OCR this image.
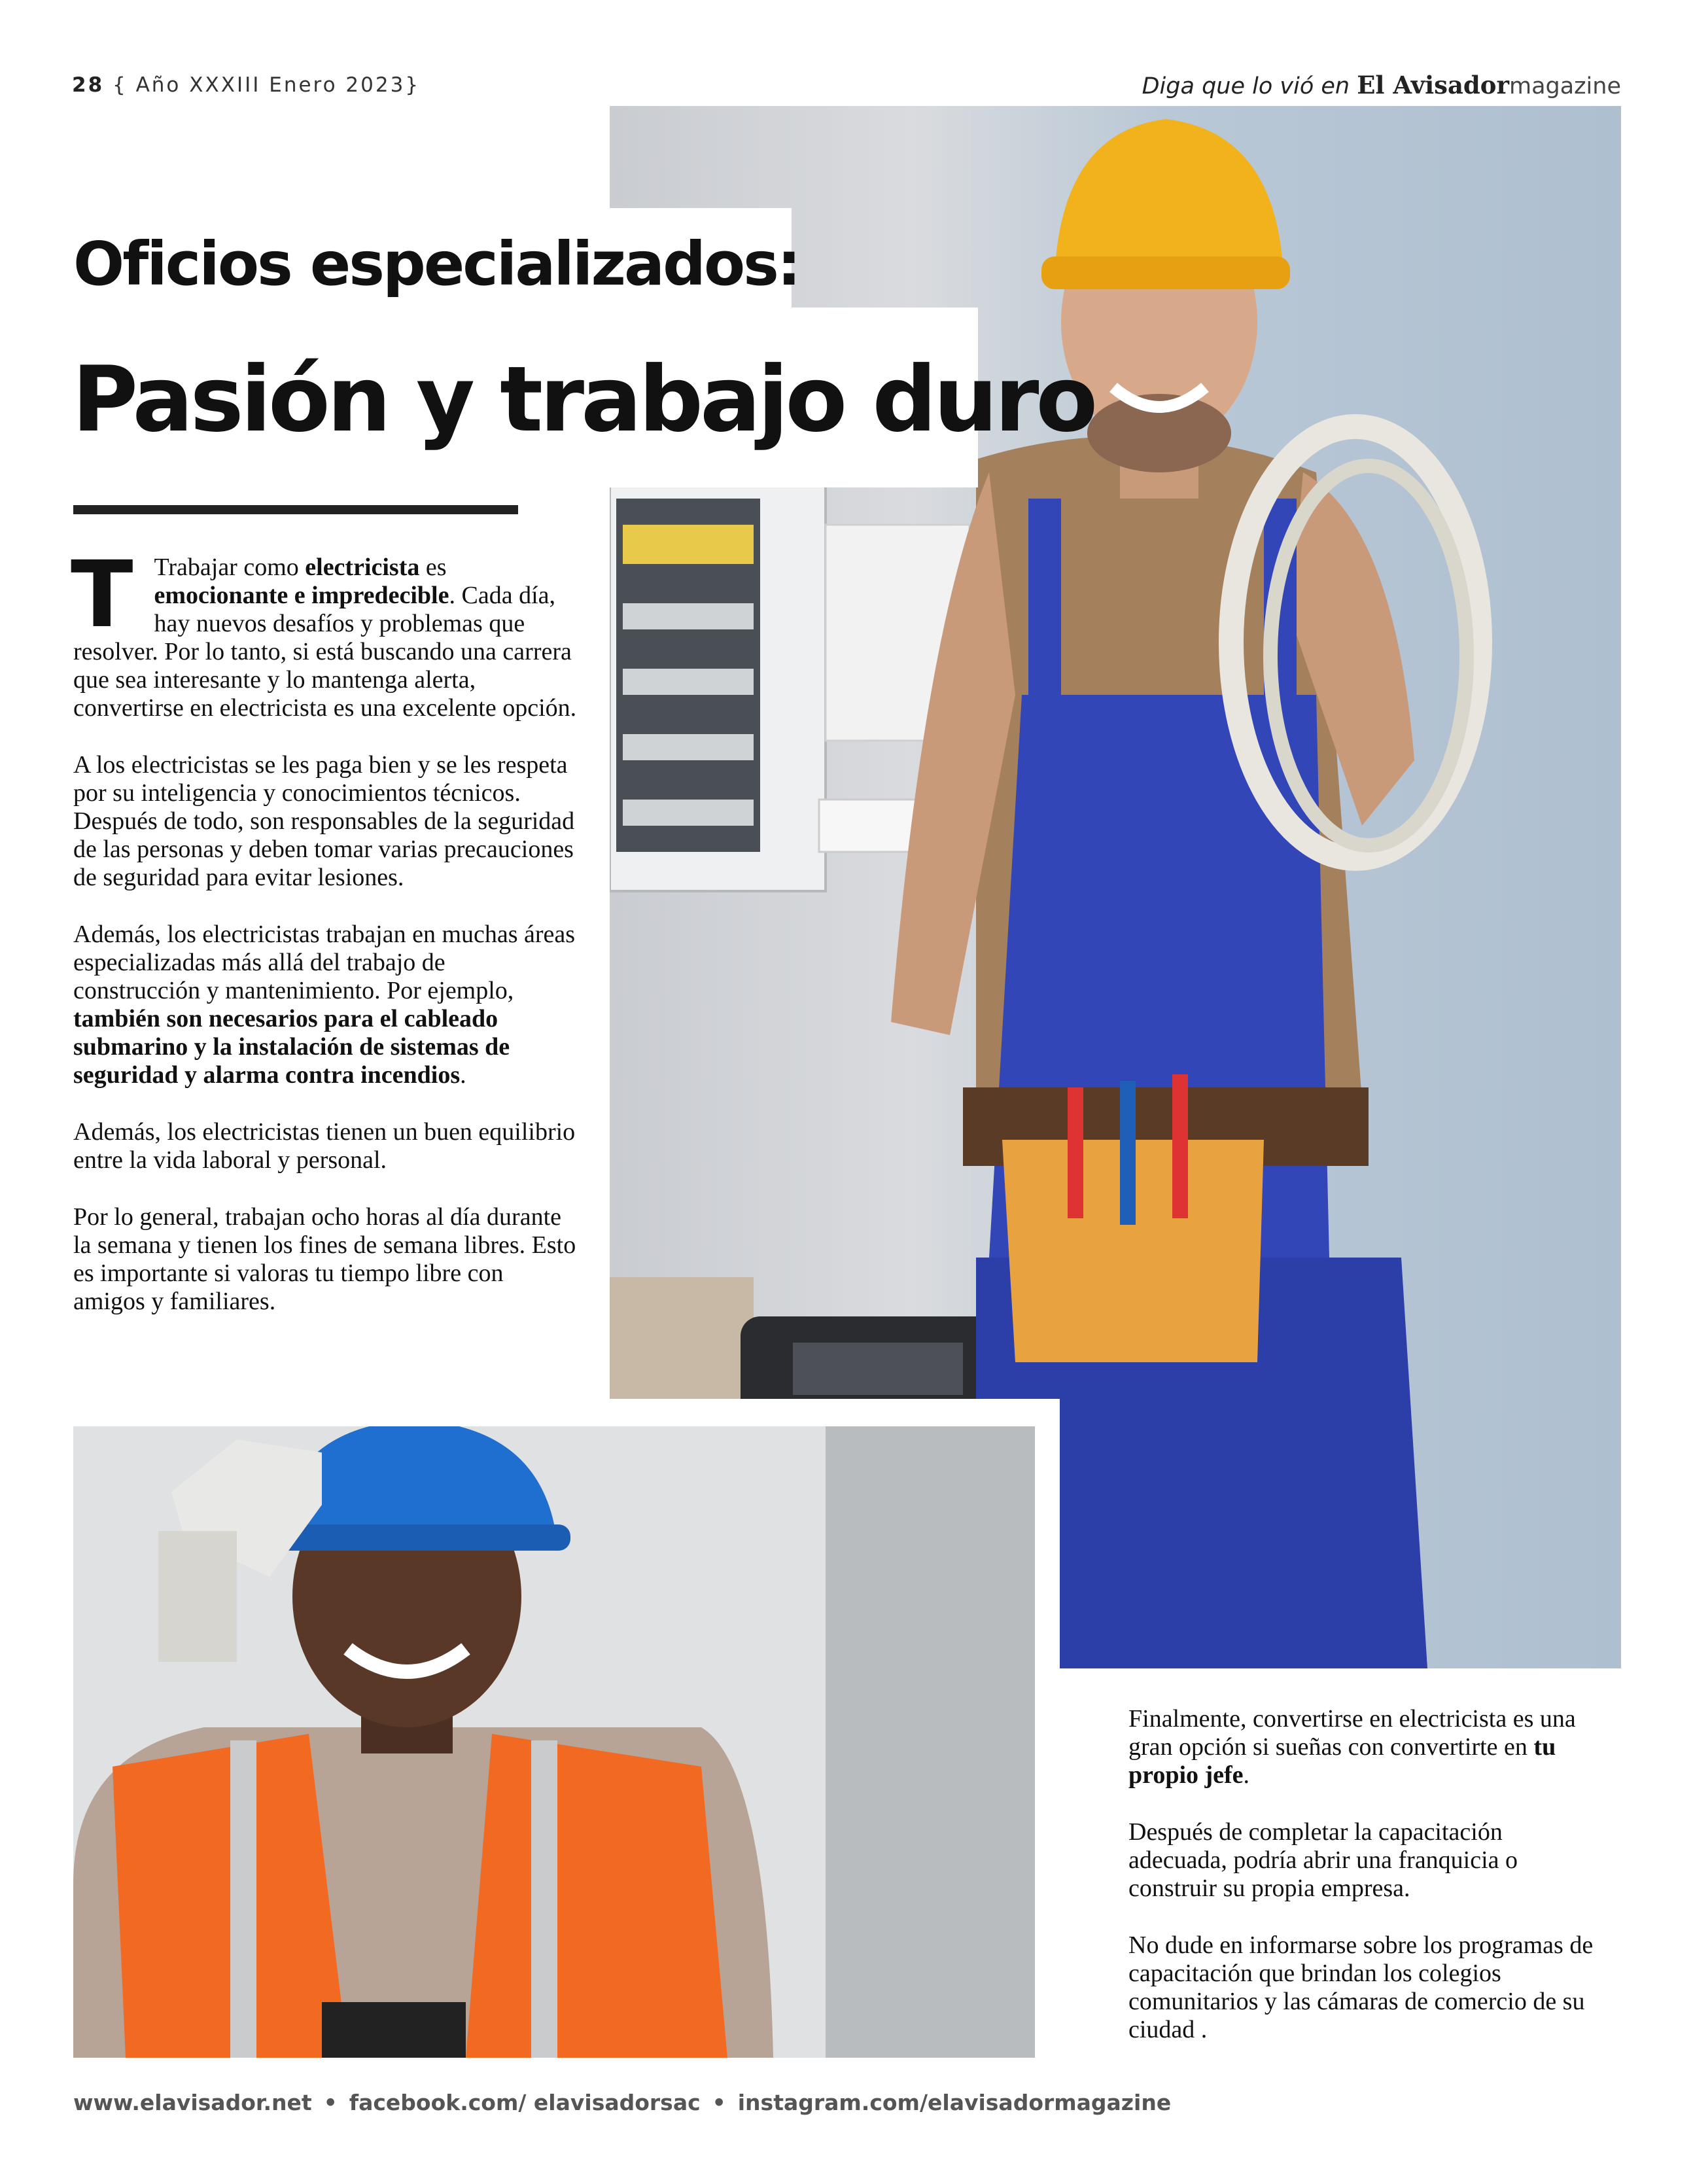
28 { Año XXXIII Enero 2023}	Diga que lo vió en El Avisadormagazine
Oficios especializados:
Pasión y trabajo duro

T Trabajar como electricista es emocionante e impredecible. Cada día, hay nuevos desafíos y problemas que resolver. Por lo tanto, si está buscando una carrera que sea interesante y lo mantenga alerta, convertirse en electricista es una excelente opción.

A los electricistas se les paga bien y se les respeta por su inteligencia y conocimientos técnicos. Después de todo, son responsables de la seguridad de las personas y deben tomar varias precauciones de seguridad para evitar lesiones.

Además, los electricistas trabajan en muchas áreas especializadas más allá del trabajo de construcción y mantenimiento. Por ejemplo, también son necesarios para el cableado submarino y la instalación de sistemas de seguridad y alarma contra incendios.

Además, los electricistas tienen un buen equilibrio entre la vida laboral y personal.

Por lo general, trabajan ocho horas al día durante la semana y tienen los fines de semana libres. Esto es importante si valoras tu tiempo libre con amigos y familiares.

Finalmente, convertirse en electricista es una gran opción si sueñas con convertirte en tu propio jefe.

Después de completar la capacitación adecuada, podría abrir una franquicia o construir su propia empresa.

No dude en informarse sobre los programas de capacitación que brindan los colegios comunitarios y las cámaras de comercio de su ciudad .

www.elavisador.net • facebook.com/ elavisadorsac • instagram.com/elavisadormagazine
